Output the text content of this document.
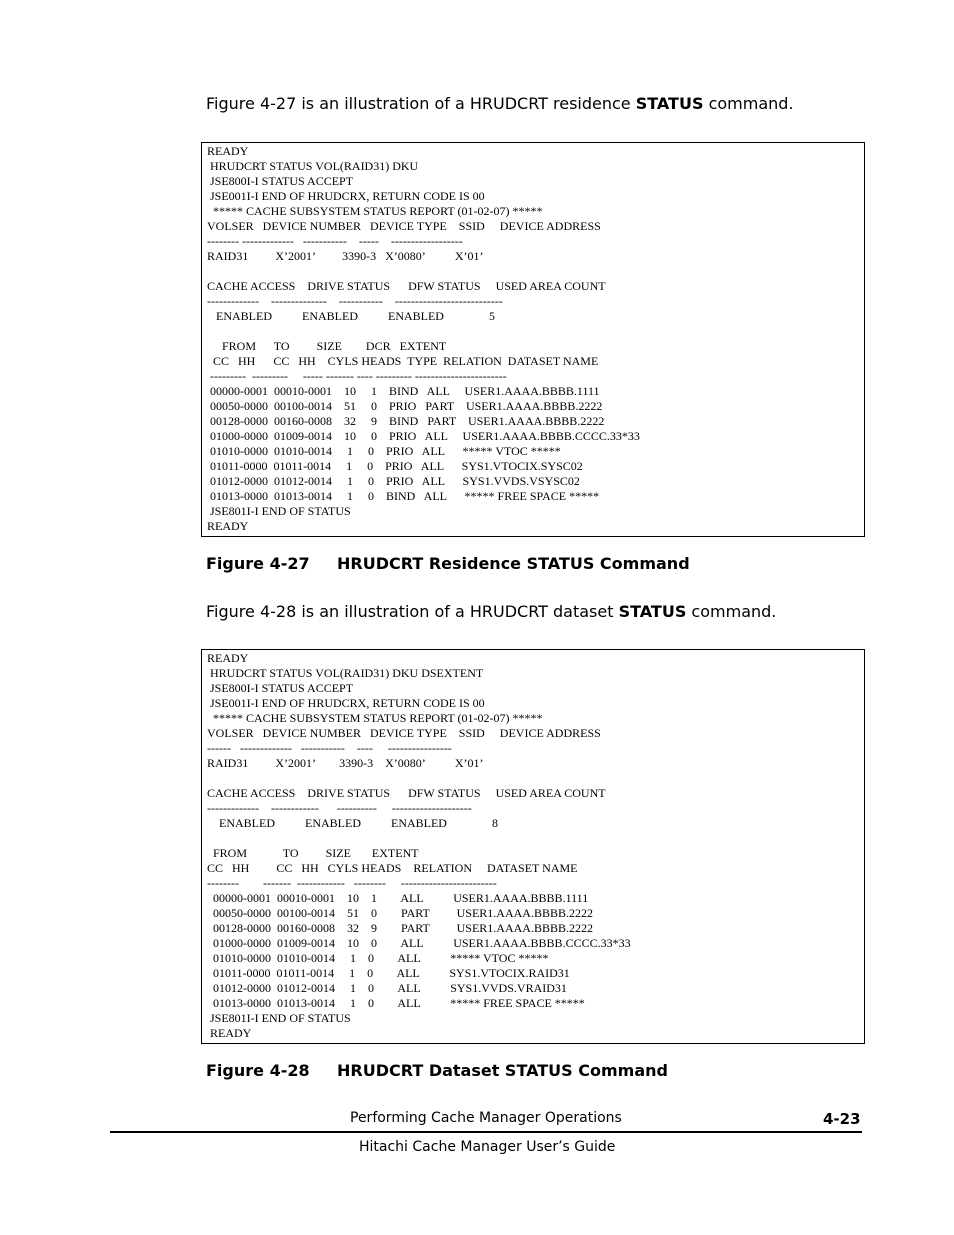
Figure 4-27 is an illustration of a HRUDCRT residence STATUS command.
READY
HRUDCRT STATUS VOL(RAID31) DKU
JSE800I-I STATUS ACCEPT
JSE001I-I END OF HRUDCRX, RETURN CODE IS 00
***** CACHE SUBSYSTEM STATUS REPORT (01-02-07) *****
VOLSER   DEVICE NUMBER   DEVICE TYPE    SSID     DEVICE ADDRESS
-------- -------------   -----------    -----    ------------------
RAID31         X’2001’         3390-3   X’0080’          X’01’

CACHE ACCESS    DRIVE STATUS      DFW STATUS     USED AREA COUNT
-------------    --------------    -----------    ---------------------------
ENABLED          ENABLED          ENABLED               5

FROM      TO         SIZE        DCR   EXTENT
CC   HH      CC   HH    CYLS HEADS  TYPE  RELATION  DATASET NAME
---------  ---------     ----- ------- ---- --------- -----------------------
00000-0001  00010-0001    10     1    BIND   ALL     USER1.AAAA.BBBB.1111
00050-0000  00100-0014    51     0    PRIO   PART    USER1.AAAA.BBBB.2222
00128-0000  00160-0008    32     9    BIND   PART    USER1.AAAA.BBBB.2222
01000-0000  01009-0014    10     0    PRIO   ALL     USER1.AAAA.BBBB.CCCC.33*33
01010-0000  01010-0014     1     0    PRIO   ALL      ***** VTOC *****
01011-0000  01011-0014     1     0    PRIO   ALL      SYS1.VTOCIX.SYSC02
01012-0000  01012-0014     1     0    PRIO   ALL      SYS1.VVDS.VSYSC02
01013-0000  01013-0014     1     0    BIND   ALL      ***** FREE SPACE *****
JSE801I-I END OF STATUS
READY
Figure 4-27 HRUDCRT Residence STATUS Command
Figure 4-28 is an illustration of a HRUDCRT dataset STATUS command.
READY
HRUDCRT STATUS VOL(RAID31) DKU DSEXTENT
JSE800I-I STATUS ACCEPT
JSE001I-I END OF HRUDCRX, RETURN CODE IS 00
***** CACHE SUBSYSTEM STATUS REPORT (01-02-07) *****
VOLSER   DEVICE NUMBER   DEVICE TYPE    SSID     DEVICE ADDRESS
------   -------------   -----------    ----     ----------------
RAID31         X’2001’        3390-3    X’0080’          X’01’

CACHE ACCESS    DRIVE STATUS      DFW STATUS     USED AREA COUNT
-------------    ------------      ----------     --------------------
ENABLED          ENABLED          ENABLED               8

FROM            TO         SIZE       EXTENT
CC   HH         CC   HH   CYLS HEADS    RELATION     DATASET NAME
--------        -------  ------------   --------     ------------------------
00000-0001  00010-0001    10    1        ALL          USER1.AAAA.BBBB.1111
00050-0000  00100-0014    51    0        PART         USER1.AAAA.BBBB.2222
00128-0000  00160-0008    32    9        PART         USER1.AAAA.BBBB.2222
01000-0000  01009-0014    10    0        ALL          USER1.AAAA.BBBB.CCCC.33*33
01010-0000  01010-0014     1    0        ALL          ***** VTOC *****
01011-0000  01011-0014     1    0        ALL          SYS1.VTOCIX.RAID31
01012-0000  01012-0014     1    0        ALL          SYS1.VVDS.VRAID31
01013-0000  01013-0014     1    0        ALL          ***** FREE SPACE *****
JSE801I-I END OF STATUS
READY
Figure 4-28 HRUDCRT Dataset STATUS Command
Performing Cache Manager Operations	4-23
Hitachi Cache Manager User’s Guide
